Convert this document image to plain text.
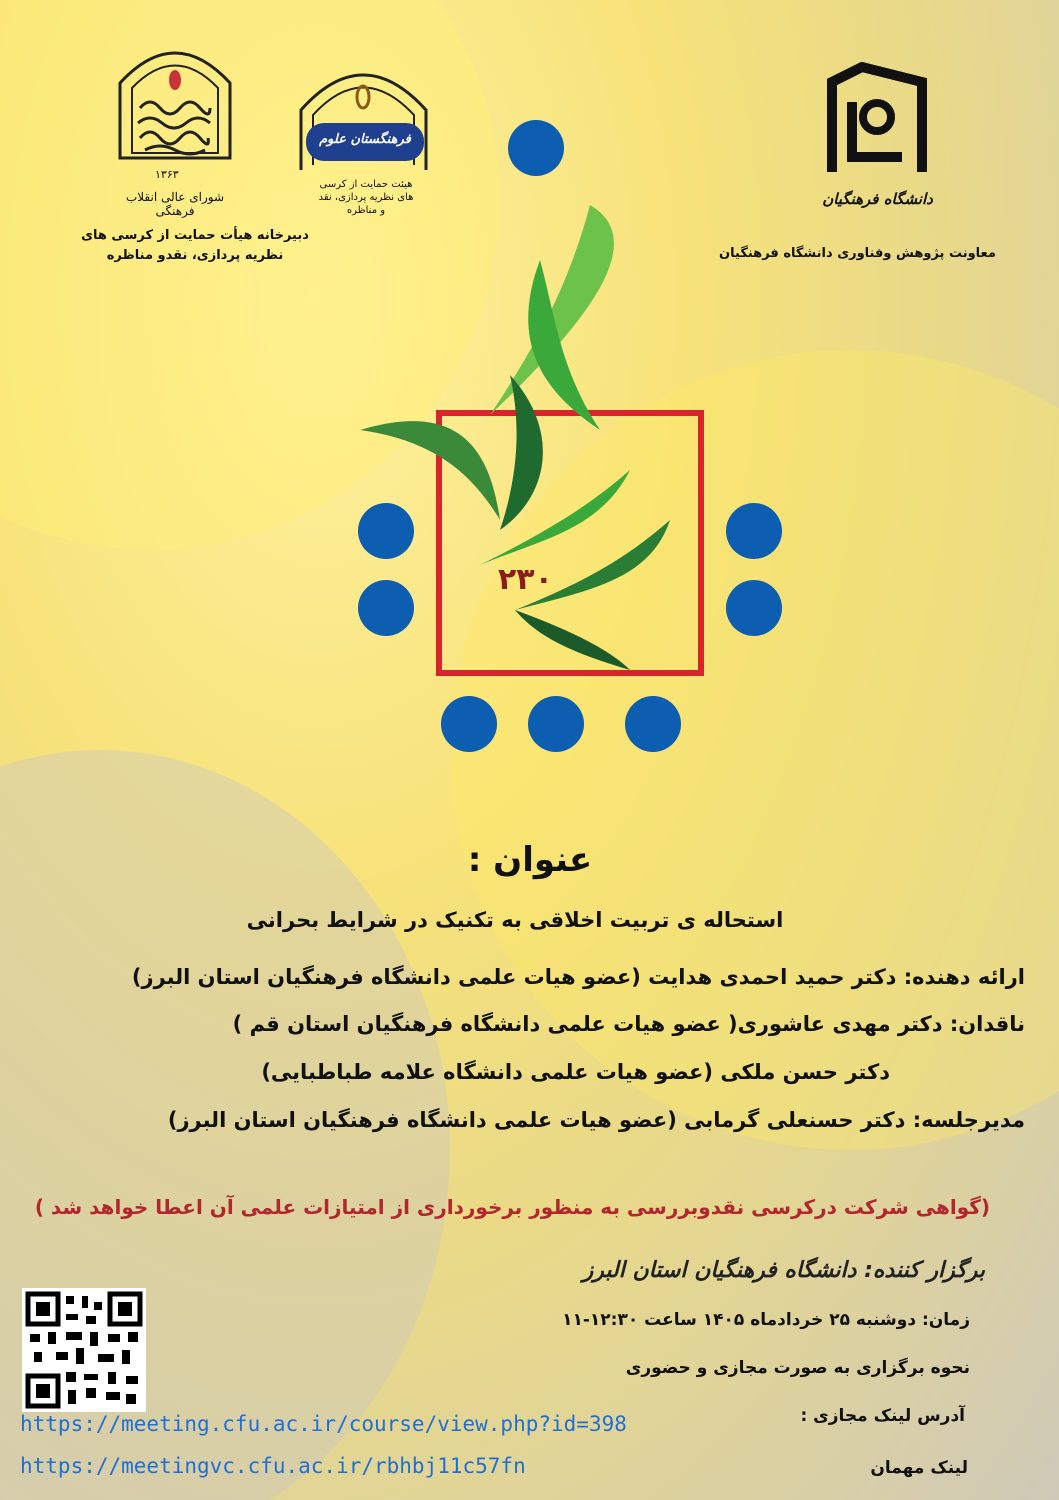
۱۳۶۳
شورای عالی انقلاب فرهنگی
دبیرخانه هیأت حمایت از کرسی های
نظریه پردازی، نقدو مناظره
فرهنگستان علوم
هیئت حمایت از کرسی های نظریه پردازی، نقد و مناظره
دانشگاه فرهنگیان
معاونت پژوهش وفناوری دانشگاه فرهنگیان
۲۳۰
عنوان :
استحاله ی تربیت اخلاقی به تکنیک در شرایط بحرانی
ارائه دهنده: دکتر حمید احمدی هدایت (عضو هیات علمی دانشگاه فرهنگیان استان البرز)
ناقدان: دکتر مهدی عاشوری( عضو هیات علمی دانشگاه فرهنگیان استان قم )
دکتر حسن ملکی (عضو هیات علمی دانشگاه علامه طباطبایی)
مدیرجلسه: دکتر حسنعلی گرمابی (عضو هیات علمی دانشگاه فرهنگیان استان البرز)
(گواهی شرکت درکرسی نقدوبررسی به منظور برخورداری از امتیازات علمی آن اعطا خواهد شد )
برگزار کننده: دانشگاه فرهنگیان استان البرز
زمان: دوشنبه ۲۵ خردادماه ۱۴۰۵ ساعت ۱۲:۳۰-۱۱
نحوه برگزاری به صورت مجازی و حضوری
آدرس لینک مجازی :
لینک مهمان
https://meeting.cfu.ac.ir/course/view.php?id=398
https://meetingvc.cfu.ac.ir/rbhbj11c57fn
